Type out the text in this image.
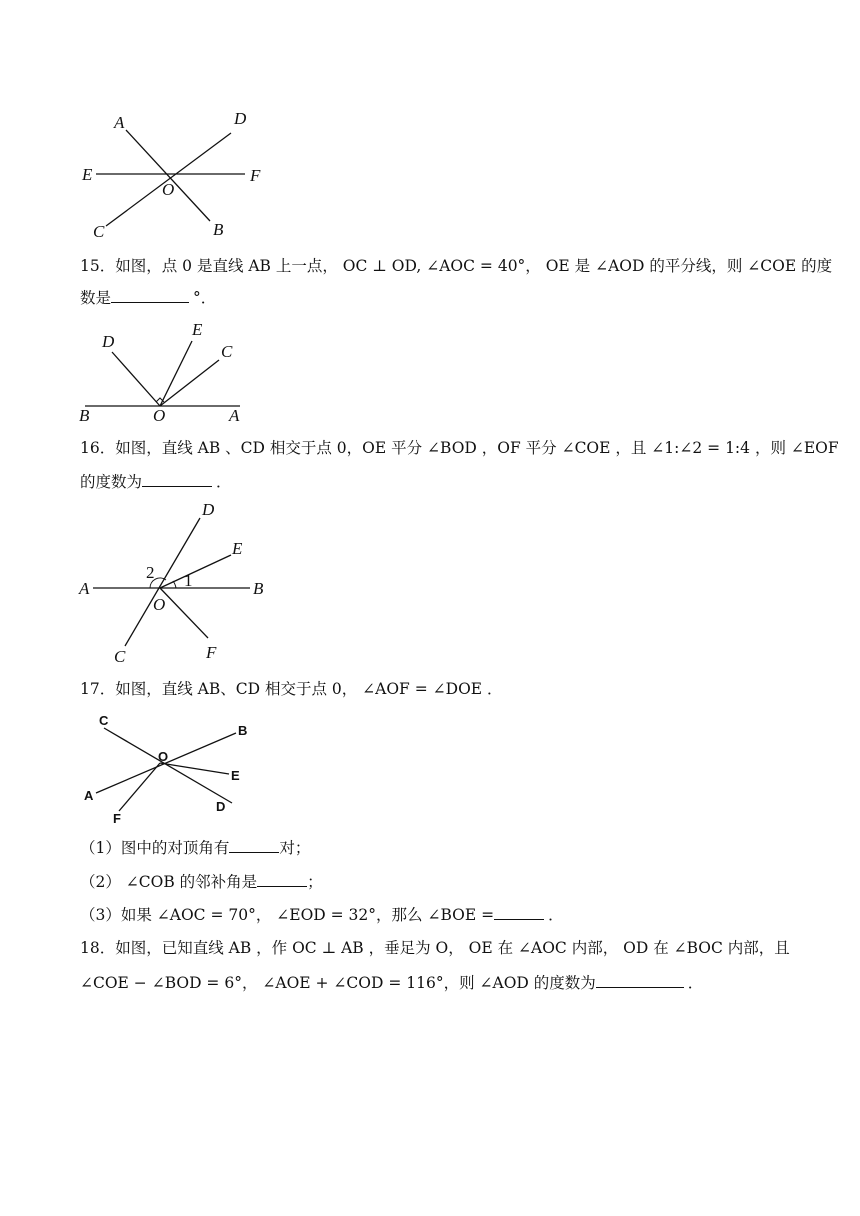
A	D
E	F
O
C	B
15．如图，点 0 是直线 AB 上一点， OC ⊥ OD, ∠AOC = 40°， OE 是 ∠AOD 的平分线，则 ∠COE 的度
数是	°．
D
E
C
B	O	A
16．如图，直线 AB 、CD 相交于点 0，OE 平分 ∠BOD ，OF 平分 ∠COE ，且 ∠1:∠2 = 1:4 ，则 ∠EOF
的度数为	．
D
E
A	B
O
C	F
2 1
17．如图，直线 AB、CD 相交于点 0， ∠AOF = ∠DOE ．
C
O
B
E
A
F
D
（1）图中的对顶角有	对；
（2） ∠COB 的邻补角是	；
（3）如果 ∠AOC = 70°， ∠EOD = 32°，那么 ∠BOE =	．
18．如图，已知直线 AB ，作 OC ⊥ AB ，垂足为 O， OE 在 ∠AOC 内部， OD 在 ∠BOC 内部，且
∠COE − ∠BOD = 6°， ∠AOE + ∠COD = 116°，则 ∠AOD 的度数为	．
